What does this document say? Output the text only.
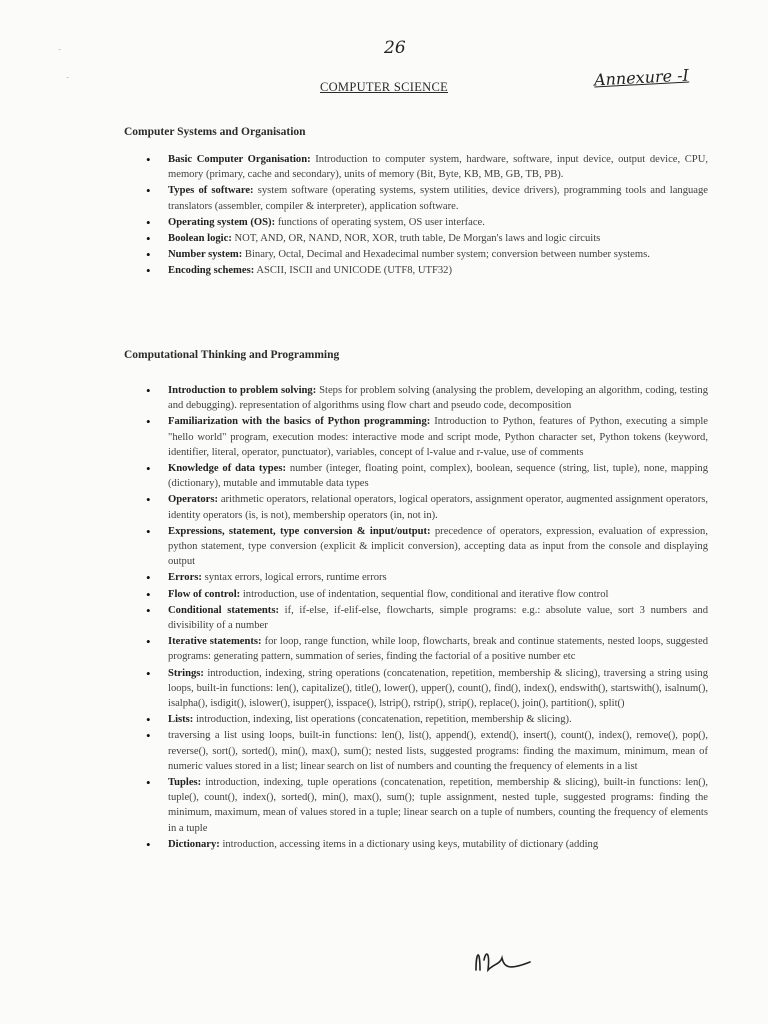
26
Annexure -I
COMPUTER SCIENCE
Computer Systems and Organisation
• Basic Computer Organisation: Introduction to computer system, hardware, software, input device, output device, CPU, memory (primary, cache and secondary), units of memory (Bit, Byte, KB, MB, GB, TB, PB).
• Types of software: system software (operating systems, system utilities, device drivers), programming tools and language translators (assembler, compiler & interpreter), application software.
• Operating system (OS): functions of operating system, OS user interface.
• Boolean logic: NOT, AND, OR, NAND, NOR, XOR, truth table, De Morgan's laws and logic circuits
• Number system: Binary, Octal, Decimal and Hexadecimal number system; conversion between number systems.
• Encoding schemes: ASCII, ISCII and UNICODE (UTF8, UTF32)
Computational Thinking and Programming
• Introduction to problem solving: Steps for problem solving (analysing the problem, developing an algorithm, coding, testing and debugging). representation of algorithms using flow chart and pseudo code, decomposition
• Familiarization with the basics of Python programming: Introduction to Python, features of Python, executing a simple "hello world" program, execution modes: interactive mode and script mode, Python character set, Python tokens (keyword, identifier, literal, operator, punctuator), variables, concept of l-value and r-value, use of comments
• Knowledge of data types: number (integer, floating point, complex), boolean, sequence (string, list, tuple), none, mapping (dictionary), mutable and immutable data types
• Operators: arithmetic operators, relational operators, logical operators, assignment operator, augmented assignment operators, identity operators (is, is not), membership operators (in, not in).
• Expressions, statement, type conversion & input/output: precedence of operators, expression, evaluation of expression, python statement, type conversion (explicit & implicit conversion), accepting data as input from the console and displaying output
• Errors: syntax errors, logical errors, runtime errors
• Flow of control: introduction, use of indentation, sequential flow, conditional and iterative flow control
• Conditional statements: if, if-else, if-elif-else, flowcharts, simple programs: e.g.: absolute value, sort 3 numbers and divisibility of a number
• Iterative statements: for loop, range function, while loop, flowcharts, break and continue statements, nested loops, suggested programs: generating pattern, summation of series, finding the factorial of a positive number etc
• Strings: introduction, indexing, string operations (concatenation, repetition, membership & slicing), traversing a string using loops, built-in functions: len(), capitalize(), title(), lower(), upper(), count(), find(), index(), endswith(), startswith(), isalnum(), isalpha(), isdigit(), islower(), isupper(), isspace(), lstrip(), rstrip(), strip(), replace(), join(), partition(), split()
• Lists: introduction, indexing, list operations (concatenation, repetition, membership & slicing).
• traversing a list using loops, built-in functions: len(), list(), append(), extend(), insert(), count(), index(), remove(), pop(), reverse(), sort(), sorted(), min(), max(), sum(); nested lists, suggested programs: finding the maximum, minimum, mean of numeric values stored in a list; linear search on list of numbers and counting the frequency of elements in a list
• Tuples: introduction, indexing, tuple operations (concatenation, repetition, membership & slicing), built-in functions: len(), tuple(), count(), index(), sorted(), min(), max(), sum(); tuple assignment, nested tuple, suggested programs: finding the minimum, maximum, mean of values stored in a tuple; linear search on a tuple of numbers, counting the frequency of elements in a tuple
• Dictionary: introduction, accessing items in a dictionary using keys, mutability of dictionary (adding
-
-
